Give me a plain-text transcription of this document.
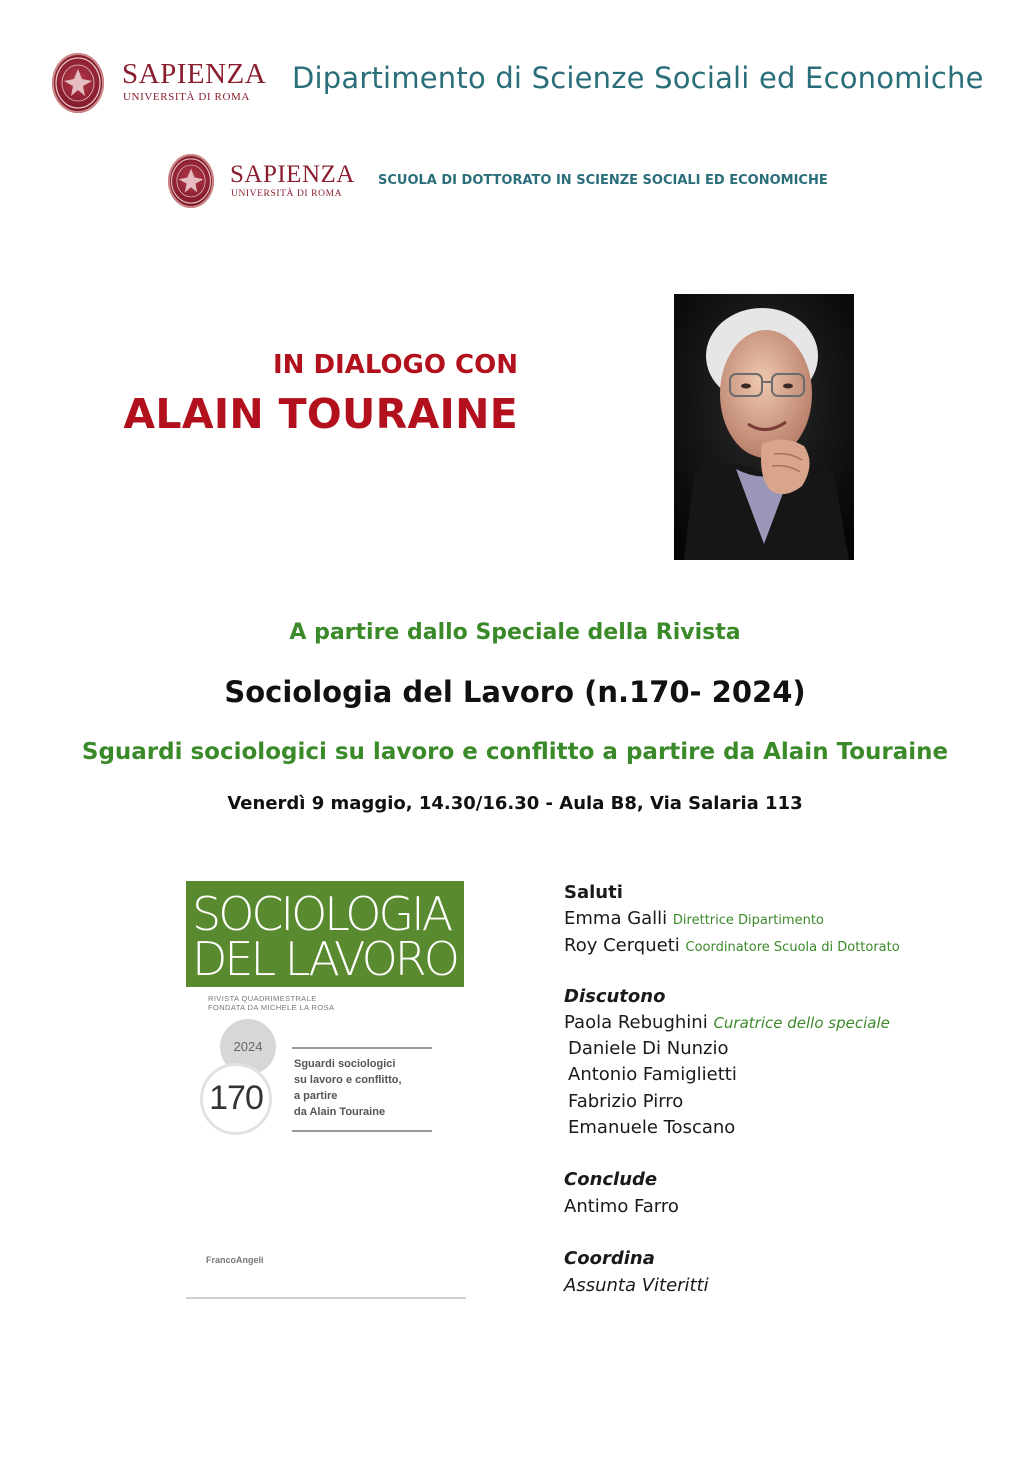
SAPIENZA
UNIVERSITÀ DI ROMA
Dipartimento di Scienze Sociali ed Economiche
SAPIENZA
UNIVERSITÀ DI ROMA
SCUOLA DI DOTTORATO IN SCIENZE SOCIALI ED ECONOMICHE
IN DIALOGO CON
ALAIN TOURAINE
A partire dallo Speciale della Rivista
Sociologia del Lavoro (n.170- 2024)
Sguardi sociologici su lavoro e conflitto a partire da Alain Touraine
Venerdì 9 maggio, 14.30/16.30 - Aula B8, Via Salaria 113
SOCIOLOGIA
DEL LAVORO
RIVISTA QUADRIMESTRALE
FONDATA DA MICHELE LA ROSA
2024
170
Sguardi sociologici
su lavoro e conflitto,
a partire
da Alain Touraine
FrancoAngeli
Saluti
Emma Galli Direttrice Dipartimento
Roy Cerqueti Coordinatore Scuola di Dottorato
Discutono
Paola Rebughini Curatrice dello speciale
Daniele Di Nunzio
Antonio Famiglietti
Fabrizio Pirro
Emanuele Toscano
Conclude
Antimo Farro
Coordina
Assunta Viteritti
